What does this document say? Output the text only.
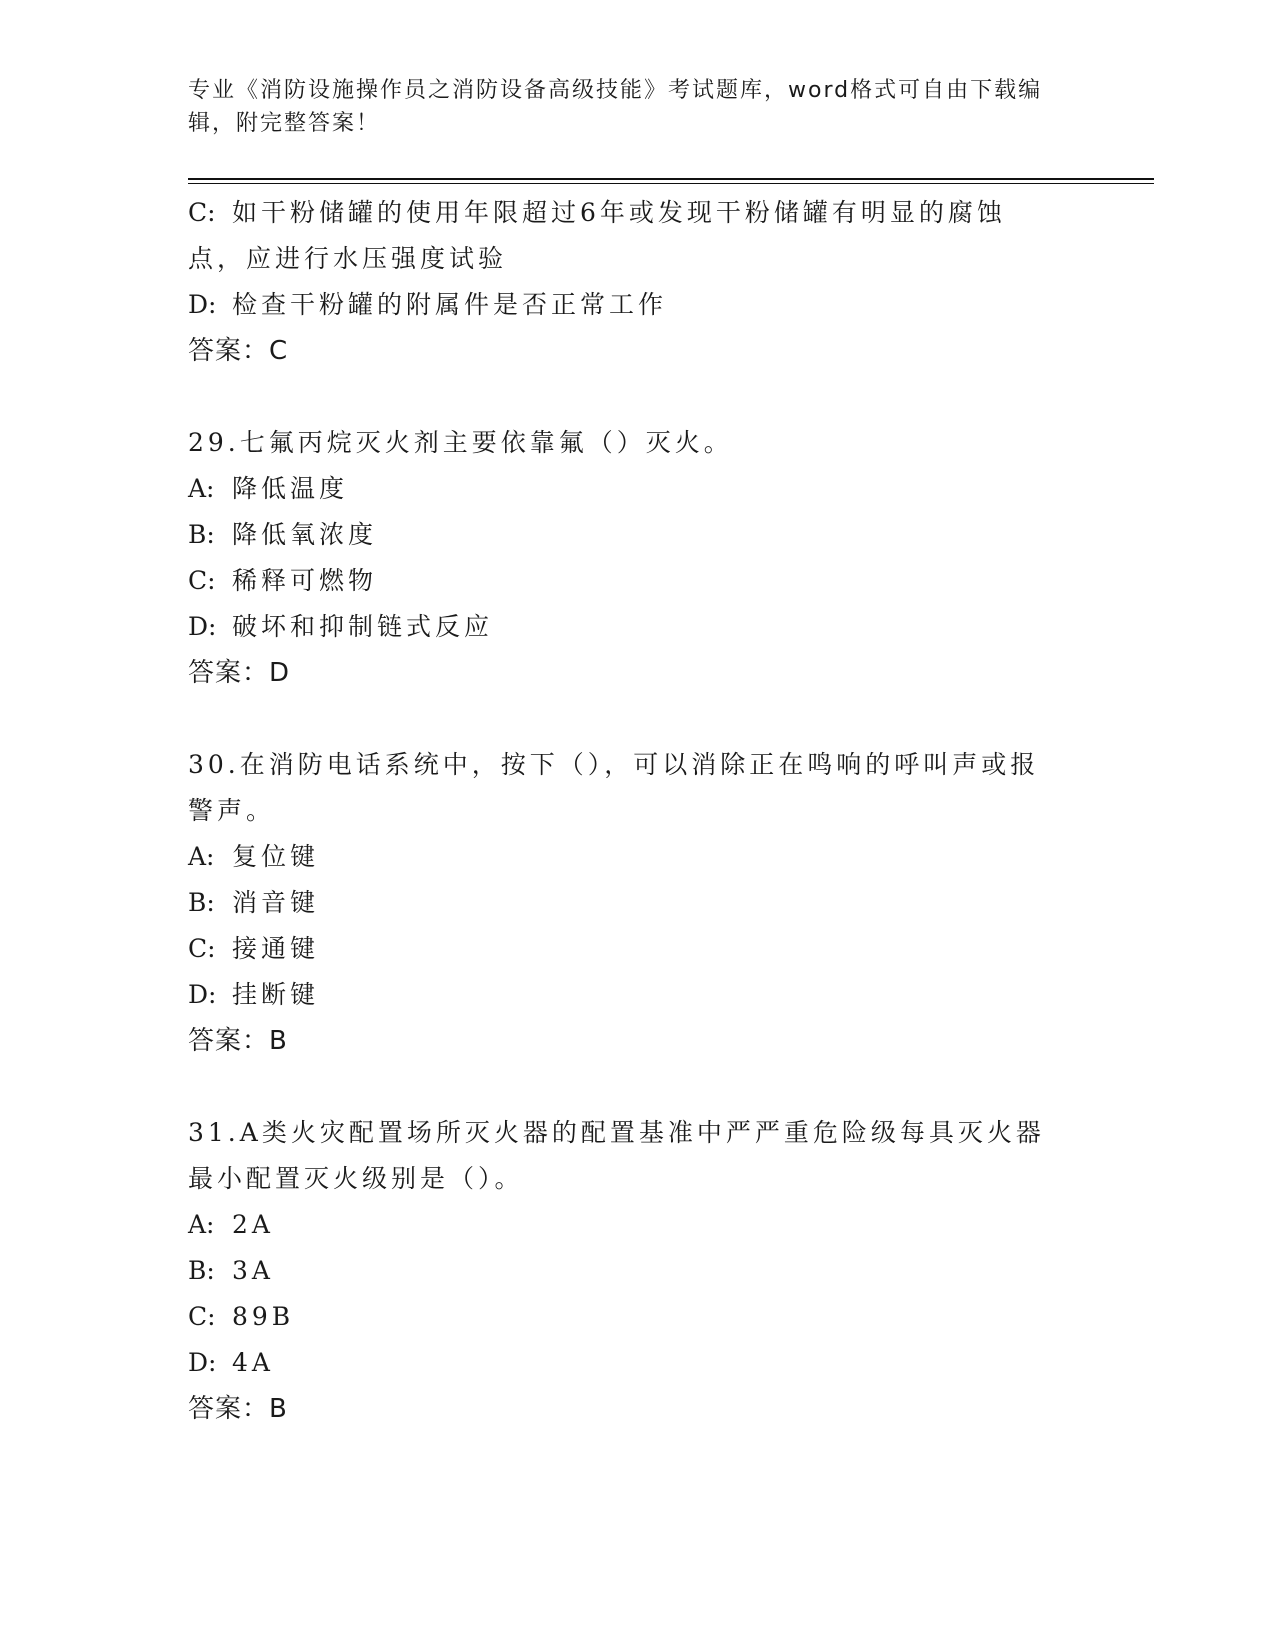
专业《消防设施操作员之消防设备高级技能》考试题库，word格式可自由下载编辑，附完整答案！
C: 如干粉储罐的使用年限超过6年或发现干粉储罐有明显的腐蚀点，应进行水压强度试验
D: 检查干粉罐的附属件是否正常工作
答案：C
29.七氟丙烷灭火剂主要依靠氟（）灭火。
A: 降低温度
B: 降低氧浓度
C: 稀释可燃物
D: 破坏和抑制链式反应
答案：D
30.在消防电话系统中，按下（），可以消除正在鸣响的呼叫声或报警声。
A: 复位键
B: 消音键
C: 接通键
D: 挂断键
答案：B
31.A类火灾配置场所灭火器的配置基准中严严重危险级每具灭火器最小配置灭火级别是（）。
A: 2A
B: 3A
C: 89B
D: 4A
答案：B
